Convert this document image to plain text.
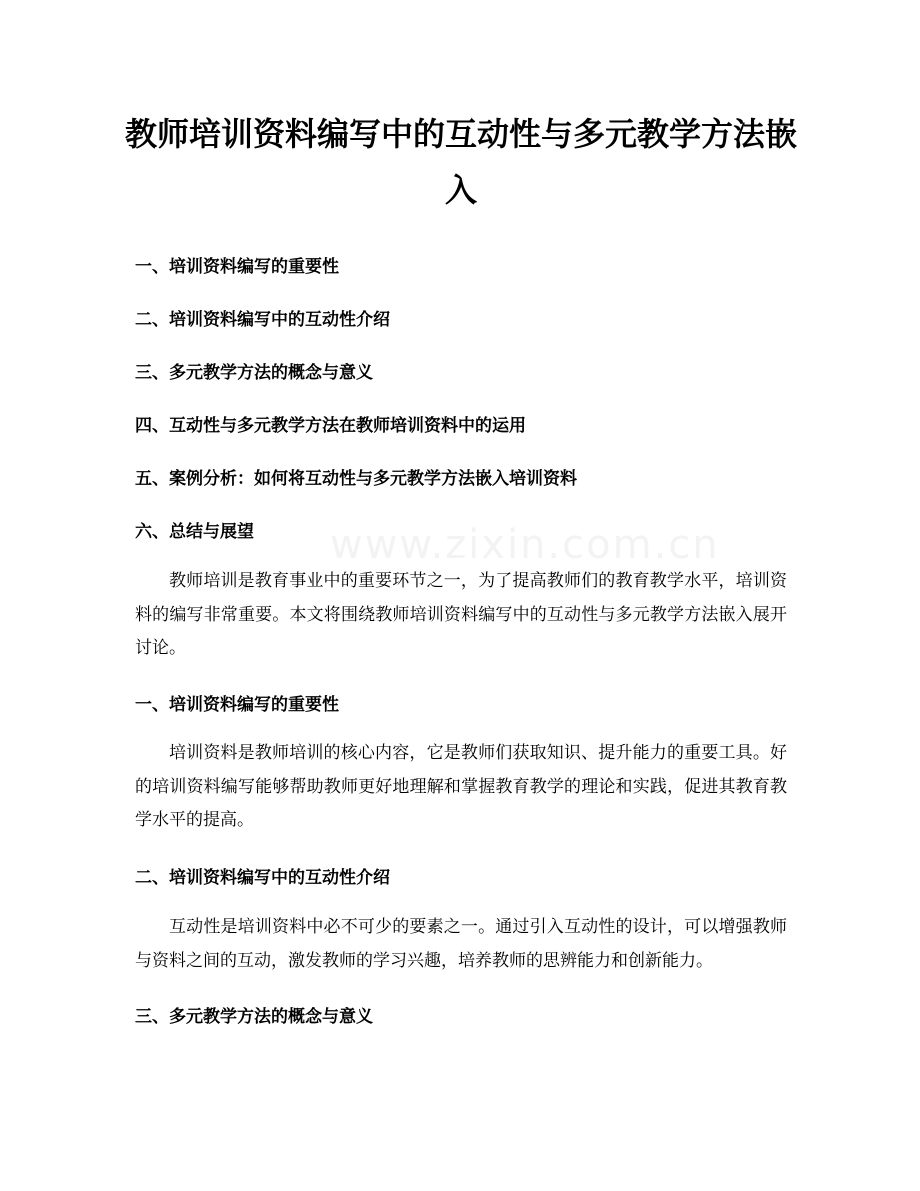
www.zixin.com.cn
教师培训资料编写中的互动性与多元教学方法嵌入
一、培训资料编写的重要性
二、培训资料编写中的互动性介绍
三、多元教学方法的概念与意义
四、互动性与多元教学方法在教师培训资料中的运用
五、案例分析：如何将互动性与多元教学方法嵌入培训资料
六、总结与展望

教师培训是教育事业中的重要环节之一，为了提高教师们的教育教学水平，培训资料的编写非常重要。本文将围绕教师培训资料编写中的互动性与多元教学方法嵌入展开讨论。

一、培训资料编写的重要性

培训资料是教师培训的核心内容，它是教师们获取知识、提升能力的重要工具。好的培训资料编写能够帮助教师更好地理解和掌握教育教学的理论和实践，促进其教育教学水平的提高。

二、培训资料编写中的互动性介绍

互动性是培训资料中必不可少的要素之一。通过引入互动性的设计，可以增强教师与资料之间的互动，激发教师的学习兴趣，培养教师的思辨能力和创新能力。

三、多元教学方法的概念与意义
